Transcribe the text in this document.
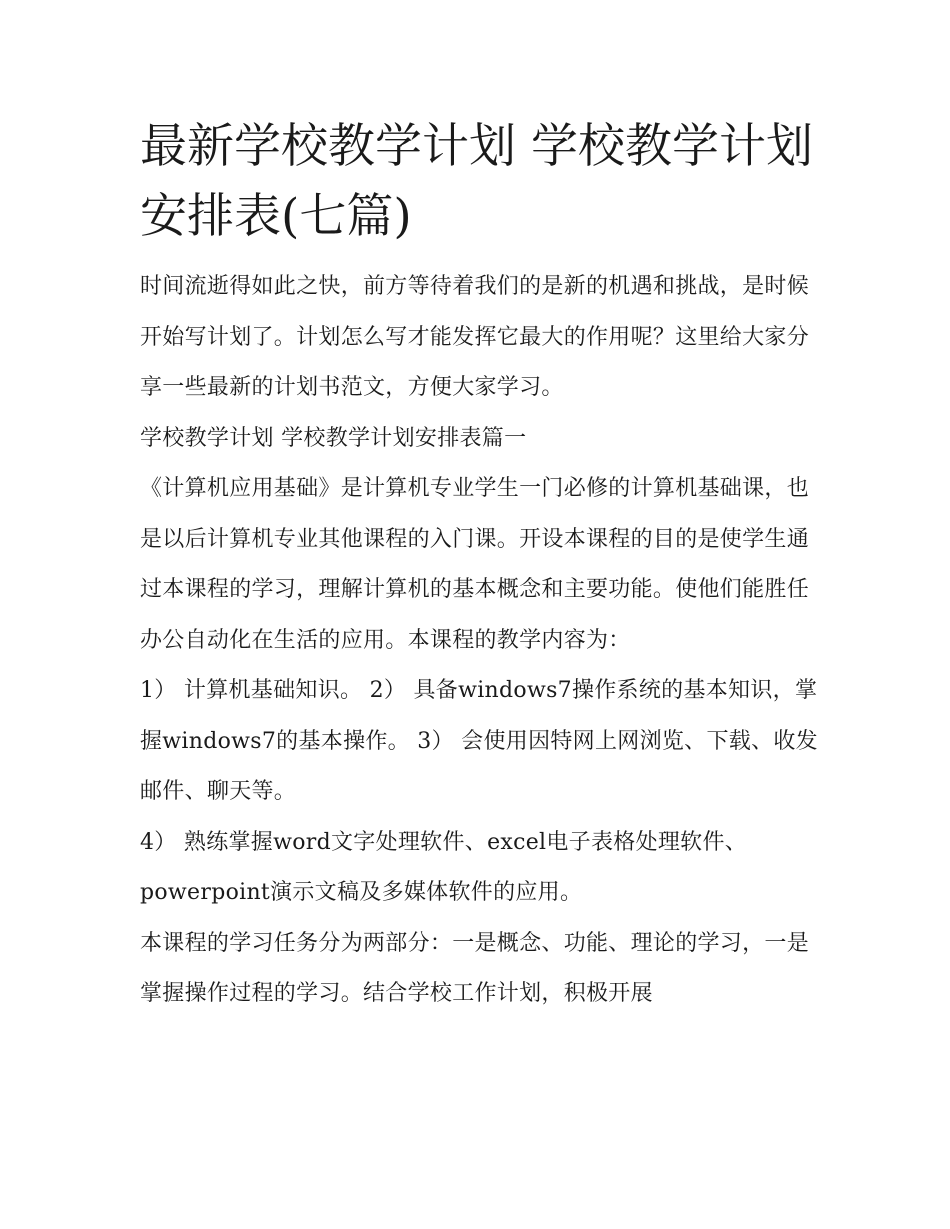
最新学校教学计划 学校教学计划安排表(七篇)

时间流逝得如此之快，前方等待着我们的是新的机遇和挑战，是时候开始写计划了。计划怎么写才能发挥它最大的作用呢？这里给大家分享一些最新的计划书范文，方便大家学习。

学校教学计划 学校教学计划安排表篇一

《计算机应用基础》是计算机专业学生一门必修的计算机基础课，也是以后计算机专业其他课程的入门课。开设本课程的目的是使学生通过本课程的学习，理解计算机的基本概念和主要功能。使他们能胜任办公自动化在生活的应用。本课程的教学内容为：

1） 计算机基础知识。 2） 具备windows7操作系统的基本知识，掌握windows7的基本操作。 3） 会使用因特网上网浏览、下载、收发邮件、聊天等。

4） 熟练掌握word文字处理软件、excel电子表格处理软件、powerpoint演示文稿及多媒体软件的应用。

本课程的学习任务分为两部分：一是概念、功能、理论的学习，一是掌握操作过程的学习。结合学校工作计划，积极开展
